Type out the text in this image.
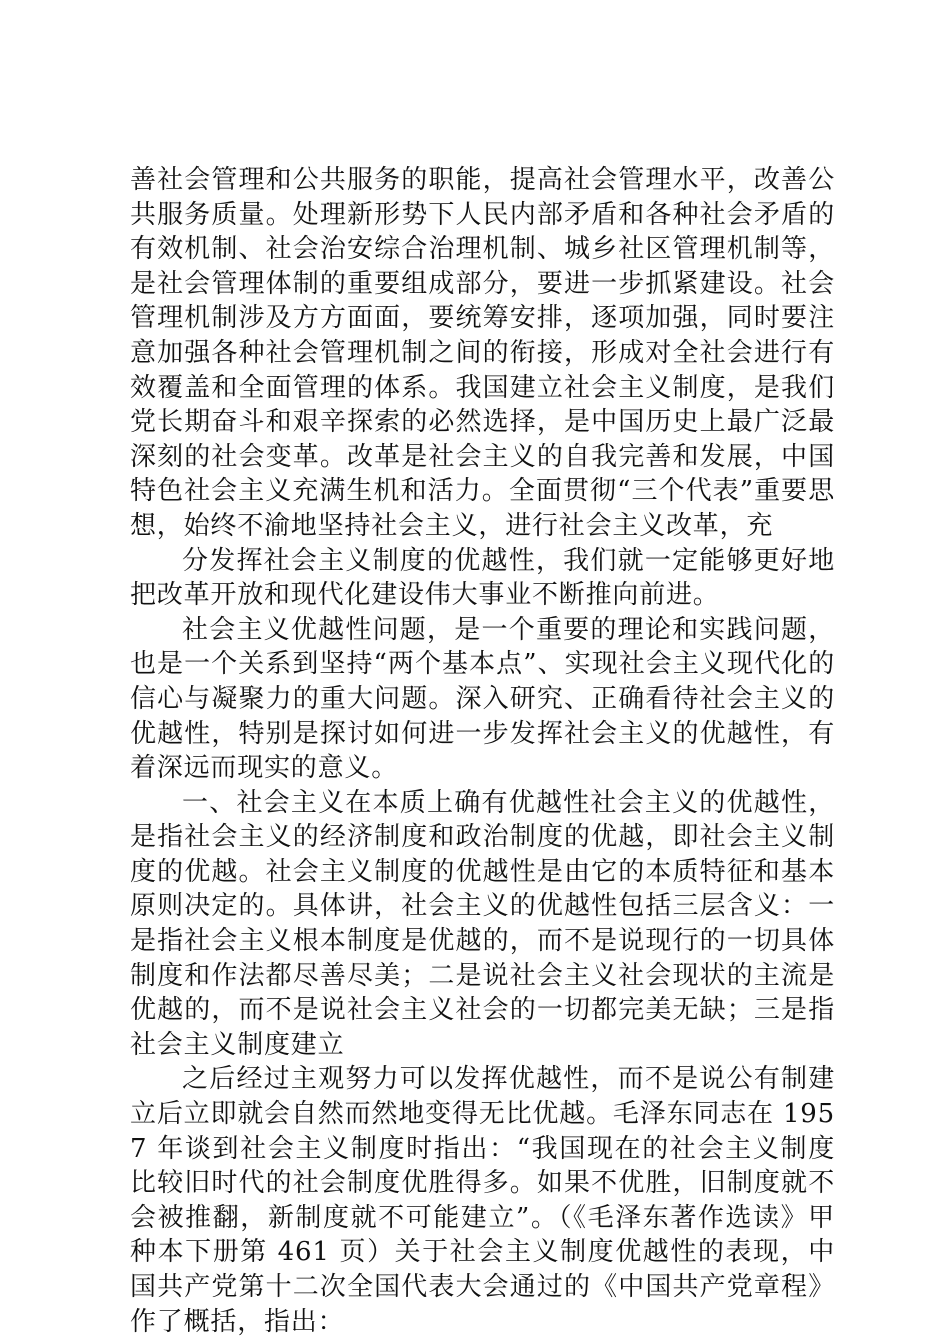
善社会管理和公共服务的职能，提高社会管理水平，改善公共服务质量。处理新形势下人民内部矛盾和各种社会矛盾的有效机制、社会治安综合治理机制、城乡社区管理机制等，是社会管理体制的重要组成部分，要进一步抓紧建设。社会管理机制涉及方方面面，要统筹安排，逐项加强，同时要注意加强各种社会管理机制之间的衔接，形成对全社会进行有效覆盖和全面管理的体系。我国建立社会主义制度，是我们党长期奋斗和艰辛探索的必然选择，是中国历史上最广泛最深刻的社会变革。改革是社会主义的自我完善和发展，中国特色社会主义充满生机和活力。全面贯彻“三个代表”重要思想，始终不渝地坚持社会主义，进行社会主义改革，充

分发挥社会主义制度的优越性，我们就一定能够更好地把改革开放和现代化建设伟大事业不断推向前进。

社会主义优越性问题，是一个重要的理论和实践问题，也是一个关系到坚持“两个基本点”、实现社会主义现代化的信心与凝聚力的重大问题。深入研究、正确看待社会主义的优越性，特别是探讨如何进一步发挥社会主义的优越性，有着深远而现实的意义。

一、社会主义在本质上确有优越性社会主义的优越性，是指社会主义的经济制度和政治制度的优越，即社会主义制度的优越。社会主义制度的优越性是由它的本质特征和基本原则决定的。具体讲，社会主义的优越性包括三层含义：一是指社会主义根本制度是优越的，而不是说现行的一切具体制度和作法都尽善尽美；二是说社会主义社会现状的主流是优越的，而不是说社会主义社会的一切都完美无缺；三是指社会主义制度建立

之后经过主观努力可以发挥优越性，而不是说公有制建立后立即就会自然而然地变得无比优越。毛泽东同志在 1957 年谈到社会主义制度时指出：“我国现在的社会主义制度比较旧时代的社会制度优胜得多。如果不优胜，旧制度就不会被推翻，新制度就不可能建立”。（《毛泽东著作选读》甲种本下册第 461 页）关于社会主义制度优越性的表现，中国共产党第十二次全国代表大会通过的《中国共产党章程》作了概括，指出：
